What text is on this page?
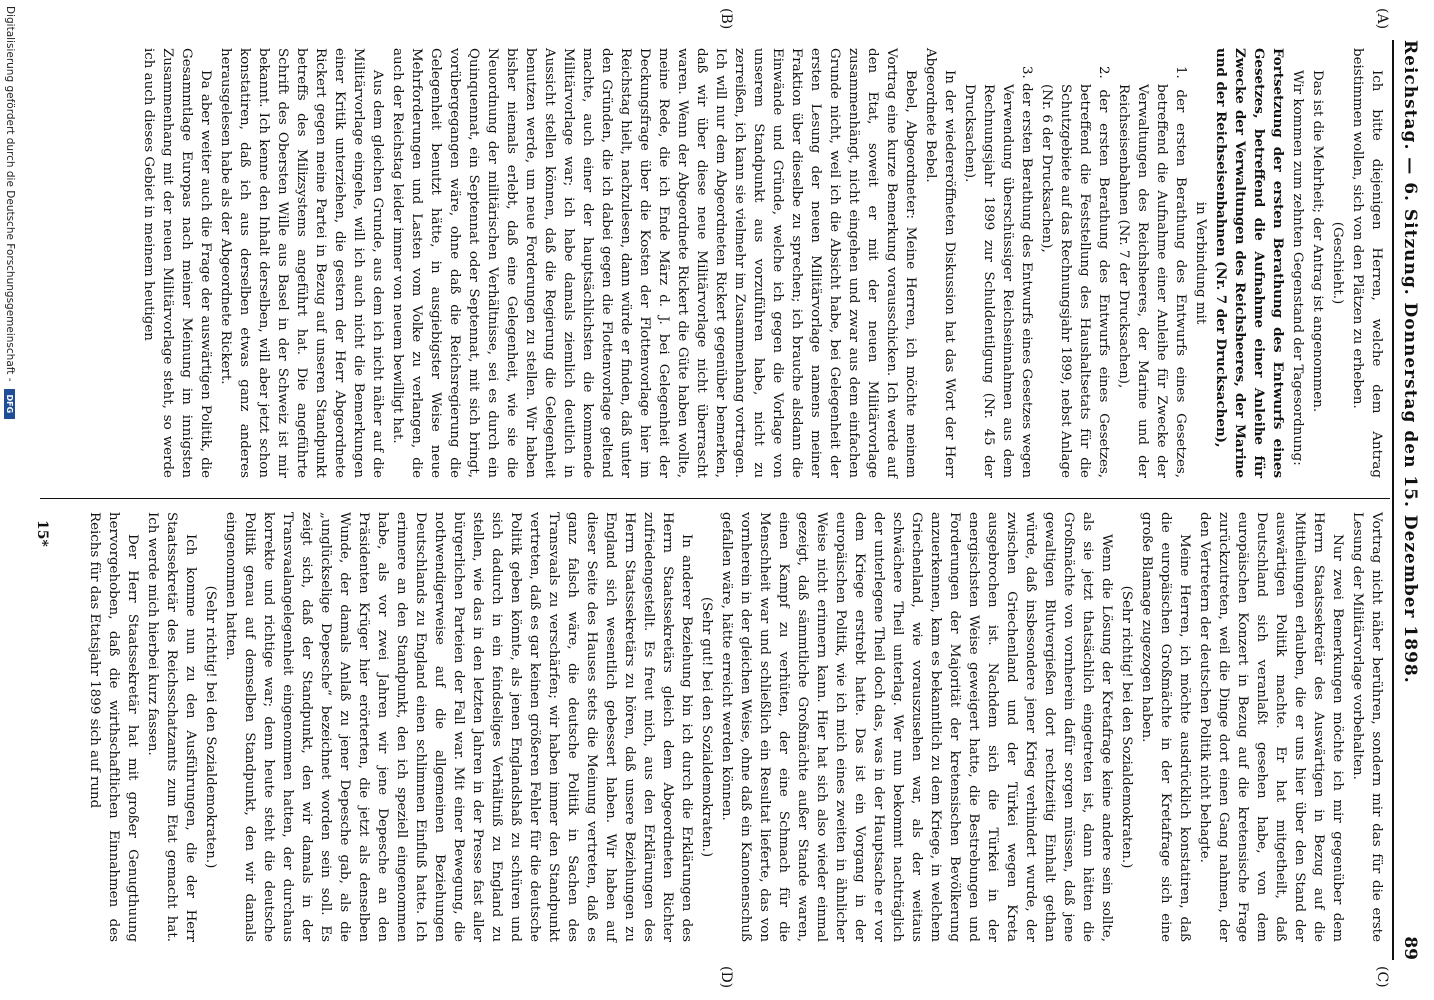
Reichstag. — 6. Sitzung. Donnerstag den 15. Dezember 1898.
89
(A)
(B)
(C)
(D)

Ich bitte diejenigen Herren, welche dem Antrag beistimmen wollen, sich von den Plätzen zu erheben.

(Geschieht.)

Das ist die Mehrheit; der Antrag ist angenommen.

Wir kommen zum zehnten Gegenstand der Tagesordnung:

Fortsetzung der ersten Berathung des Entwurfs eines Gesetzes, betreffend die Aufnahme einer Anleihe für Zwecke der Verwaltungen des Reichsheeres, der Marine und der Reichseisenbahnen (Nr. 7 der Drucksachen),

in Verbindung mit

1. der ersten Berathung des Entwurfs eines Gesetzes, betreffend die Aufnahme einer Anleihe für Zwecke der Verwaltungen des Reichsheeres, der Marine und der Reichseisenbahnen (Nr. 7 der Drucksachen),

2. der ersten Berathung des Entwurfs eines Gesetzes, betreffend die Feststellung des Haushaltsetats für die Schutzgebiete auf das Rechnungsjahr 1899, nebst Anlage (Nr. 6 der Drucksachen),

3. der ersten Berathung des Entwurfs eines Gesetzes wegen Verwendung überschüssiger Reichseinnahmen aus dem Rechnungsjahr 1899 zur Schuldentilgung (Nr. 45 der Drucksachen).

In der wiedereröffneten Diskussion hat das Wort der Herr Abgeordnete Bebel.

Bebel, Abgeordneter: Meine Herren, ich möchte meinem Vortrag eine kurze Bemerkung vorausschicken. Ich werde auf den Etat, soweit er mit der neuen Militärvorlage zusammenhängt, nicht eingehen und zwar aus dem einfachen Grunde nicht, weil ich die Absicht habe, bei Gelegenheit der ersten Lesung der neuen Militärvorlage namens meiner Fraktion über dieselbe zu sprechen; ich brauche alsdann die Einwände und Gründe, welche ich gegen die Vorlage von unserem Standpunkt aus vorzuführen habe, nicht zu zerreißen, ich kann sie vielmehr im Zusammenhang vortragen. Ich will nur dem Abgeordneten Rickert gegenüber bemerken, daß wir über diese neue Militärvorlage nicht überrascht waren. Wenn der Abgeordnete Rickert die Güte haben wollte, meine Rede, die ich Ende März d. J. bei Gelegenheit der Deckungsfrage über die Kosten der Flottenvorlage hier im Reichstag hielt, nachzulesen, dann würde er finden, daß unter den Gründen, die ich dabei gegen die Flottenvorlage geltend machte, auch einer der hauptsächlichsten die kommende Militärvorlage war; ich habe damals ziemlich deutlich in Aussicht stellen können, daß die Regierung die Gelegenheit benutzen werde, um neue Forderungen zu stellen. Wir haben bisher niemals erlebt, daß eine Gelegenheit, wie sie die Neuordnung der militärischen Verhältnisse, sei es durch ein Quinquennat, ein Septennat oder Septennat, mit sich bringt, vorübergegangen wäre, ohne daß die Reichsregierung die Gelegenheit benutzt hätte, in ausgiebigster Weise neue Mehrforderungen und Lasten vom Volke zu verlangen, die auch der Reichstag leider immer von neuem bewilligt hat.

Aus dem gleichen Grunde, aus dem ich nicht näher auf die Militärvorlage eingehe, will ich auch nicht die Bemerkungen einer Kritik unterziehen, die gestern der Herr Abgeordnete Rickert gegen meine Partei in Bezug auf unseren Standpunkt betreffs des Milizsystems angeführt hat. Die angeführte Schrift des Obersten Wille aus Basel in der Schweiz ist mir bekannt. Ich kenne den Inhalt derselben, will aber jetzt schon konstatiren, daß ich aus derselben etwas ganz anderes herausgelesen habe als der Abgeordnete Rickert.

Da aber weiter auch die Frage der auswärtigen Politik, die Gesammtlage Europas nach meiner Meinung im innigsten Zusammenhang mit der neuen Militärvorlage steht, so werde ich auch dieses Gebiet in meinem heutigen

Vortrag nicht näher berühren, sondern mir das für die erste Lesung der Militärvorlage vorbehalten.

Nur zwei Bemerkungen möchte ich mir gegenüber dem Herrn Staatssekretär des Auswärtigen in Bezug auf die Mittheilungen erlauben, die er uns hier über den Stand der auswärtigen Politik machte. Er hat mitgetheilt, daß Deutschland sich veranlaßt gesehen habe, von dem europäischen Konzert in Bezug auf die kretensische Frage zurückzutreten, weil die Dinge dort einen Gang nahmen, der den Vertretern der deutschen Politik nicht behagte.

Meine Herren, ich möchte ausdrücklich konstatiren, daß die europäischen Großmächte in der Kretafrage sich eine große Blamage zugezogen haben.

(Sehr richtig! bei den Sozialdemokraten.)

Wenn die Lösung der Kretafrage keine andere sein sollte, als sie jetzt thatsächlich eingetreten ist, dann hätten die Großmächte von vornherein dafür sorgen müssen, daß jene gewaltigen Blutvergießen dort rechtzeitig Einhalt gethan würde, daß insbesondere jener Krieg verhindert wurde, der zwischen Griechenland und der Türkei wegen Kreta ausgebrochen ist. Nachdem sich die Türkei in der energischsten Weise geweigert hatte, die Bestrebungen und Forderungen der Majorität der kretensischen Bevölkerung anzuerkennen, kam es bekanntlich zu dem Kriege, in welchem Griechenland, wie vorauszusehen war, als der weitaus schwächere Theil unterlag. Wer nun bekommt nachträglich der unterlegene Theil doch das, was in der Hauptsache er vor dem Kriege erstrebt hatte. Das ist ein Vorgang in der europäischen Politik, wie ich mich eines zweiten in ähnlicher Weise nicht erinnern kann. Hier hat sich also wieder einmal gezeigt, daß sämmtliche Großmächte außer Stande waren, einen Kampf zu verhüten, der eine Schmach für die Menschheit war und schließlich ein Resultat lieferte, das von vornherein in der gleichen Weise, ohne daß ein Kanonenschuß gefallen wäre, hätte erreicht werden können.

(Sehr gut! bei den Sozialdemokraten.)

In anderer Beziehung bin ich durch die Erklärungen des Herrn Staatssekretärs gleich dem Abgeordneten Richter zufriedengestellt. Es freut mich, aus den Erklärungen des Herrn Staatssekretärs zu hören, daß unsere Beziehungen zu England sich wesentlich gebessert haben. Wir haben auf dieser Seite des Hauses stets die Meinung vertreten, daß es ganz falsch wäre, die deutsche Politik in Sachen des Transvaals zu verschärfen; wir haben immer den Standpunkt vertreten, daß es gar keinen größeren Fehler für die deutsche Politik geben könnte, als jenen Englandshaß zu schüren und sich dadurch in ein feindseliges Verhältniß zu England zu stellen, wie das in den letzten Jahren in der Presse fast aller bürgerlichen Parteien der Fall war. Mit einer Bewegung, die nothwendigerweise auf die allgemeinen Beziehungen Deutschlands zu England einen schlimmen Einfluß hatte. Ich erinnere an den Standpunkt, den ich speziell eingenommen habe, als vor zwei Jahren wir jene Depesche an den Präsidenten Krüger hier erörterten, die jetzt als denselben Wunde, der damals Anlaß zu jener Depesche gab, als die „unglückselige Depesche“ bezeichnet worden sein soll. Es zeigt sich, daß der Standpunkt, den wir damals in der Transvaalangelegenheit eingenommen hatten, der durchaus korrekte und richtige war; denn heute steht die deutsche Politik genau auf demselben Standpunkt, den wir damals eingenommen hatten.

(Sehr richtig! bei den Sozialdemokraten.)

Ich komme nun zu den Ausführungen, die der Herr Staatssekretär des Reichsschatzamts zum Etat gemacht hat. Ich werde mich hierbei kurz fassen.

Der Herr Staatssekretär hat mit großer Genugthuung hervorgehoben, daß die wirthschaftlichen Einnahmen des Reichs für das Etatsjahr 1899 sich auf rund

15*
Digitalisierung gefördert durch die Deutsche Forschungsgemeinschaft - DFG
